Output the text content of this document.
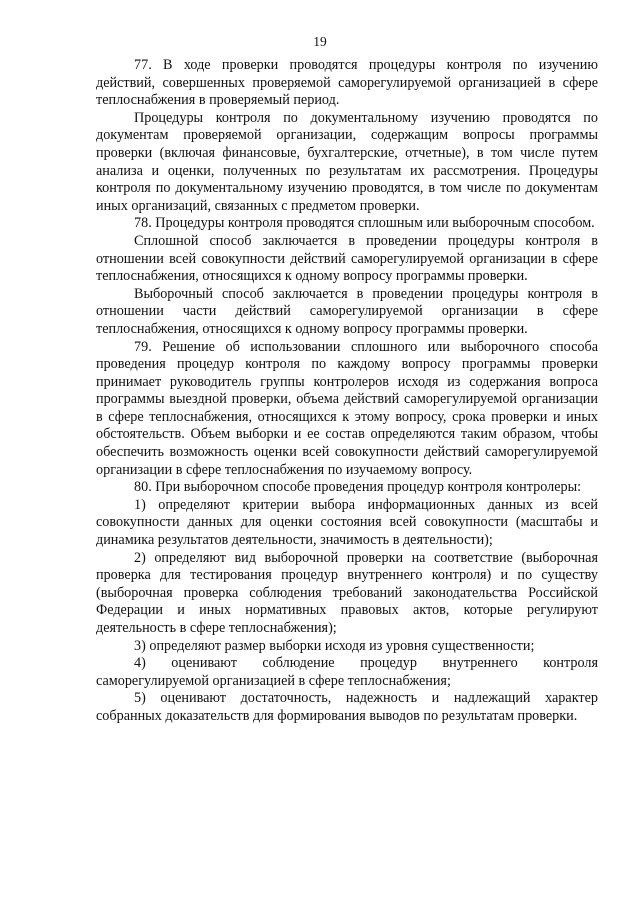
19

77. В ходе проверки проводятся процедуры контроля по изучению действий, совершенных проверяемой саморегулируемой организацией в сфере теплоснабжения в проверяемый период.

Процедуры контроля по документальному изучению проводятся по документам проверяемой организации, содержащим вопросы программы проверки (включая финансовые, бухгалтерские, отчетные), в том числе путем анализа и оценки, полученных по результатам их рассмотрения. Процедуры контроля по документальному изучению проводятся, в том числе по документам иных организаций, связанных с предметом проверки.

78. Процедуры контроля проводятся сплошным или выборочным способом.

Сплошной способ заключается в проведении процедуры контроля в отношении всей совокупности действий саморегулируемой организации в сфере теплоснабжения, относящихся к одному вопросу программы проверки.

Выборочный способ заключается в проведении процедуры контроля в отношении части действий саморегулируемой организации в сфере теплоснабжения, относящихся к одному вопросу программы проверки.

79. Решение об использовании сплошного или выборочного способа проведения процедур контроля по каждому вопросу программы проверки принимает руководитель группы контролеров исходя из содержания вопроса программы выездной проверки, объема действий саморегулируемой организации в сфере теплоснабжения, относящихся к этому вопросу, срока проверки и иных обстоятельств. Объем выборки и ее состав определяются таким образом, чтобы обеспечить возможность оценки всей совокупности действий саморегулируемой организации в сфере теплоснабжения по изучаемому вопросу.

80. При выборочном способе проведения процедур контроля контролеры:

1) определяют критерии выбора информационных данных из всей совокупности данных для оценки состояния всей совокупности (масштабы и динамика результатов деятельности, значимость в деятельности);

2) определяют вид выборочной проверки на соответствие (выборочная проверка для тестирования процедур внутреннего контроля) и по существу (выборочная проверка соблюдения требований законодательства Российской Федерации и иных нормативных правовых актов, которые регулируют деятельность в сфере теплоснабжения);

3) определяют размер выборки исходя из уровня существенности;

4) оценивают соблюдение процедур внутреннего контроля саморегулируемой организацией в сфере теплоснабжения;

5) оценивают достаточность, надежность и надлежащий характер собранных доказательств для формирования выводов по результатам проверки.
